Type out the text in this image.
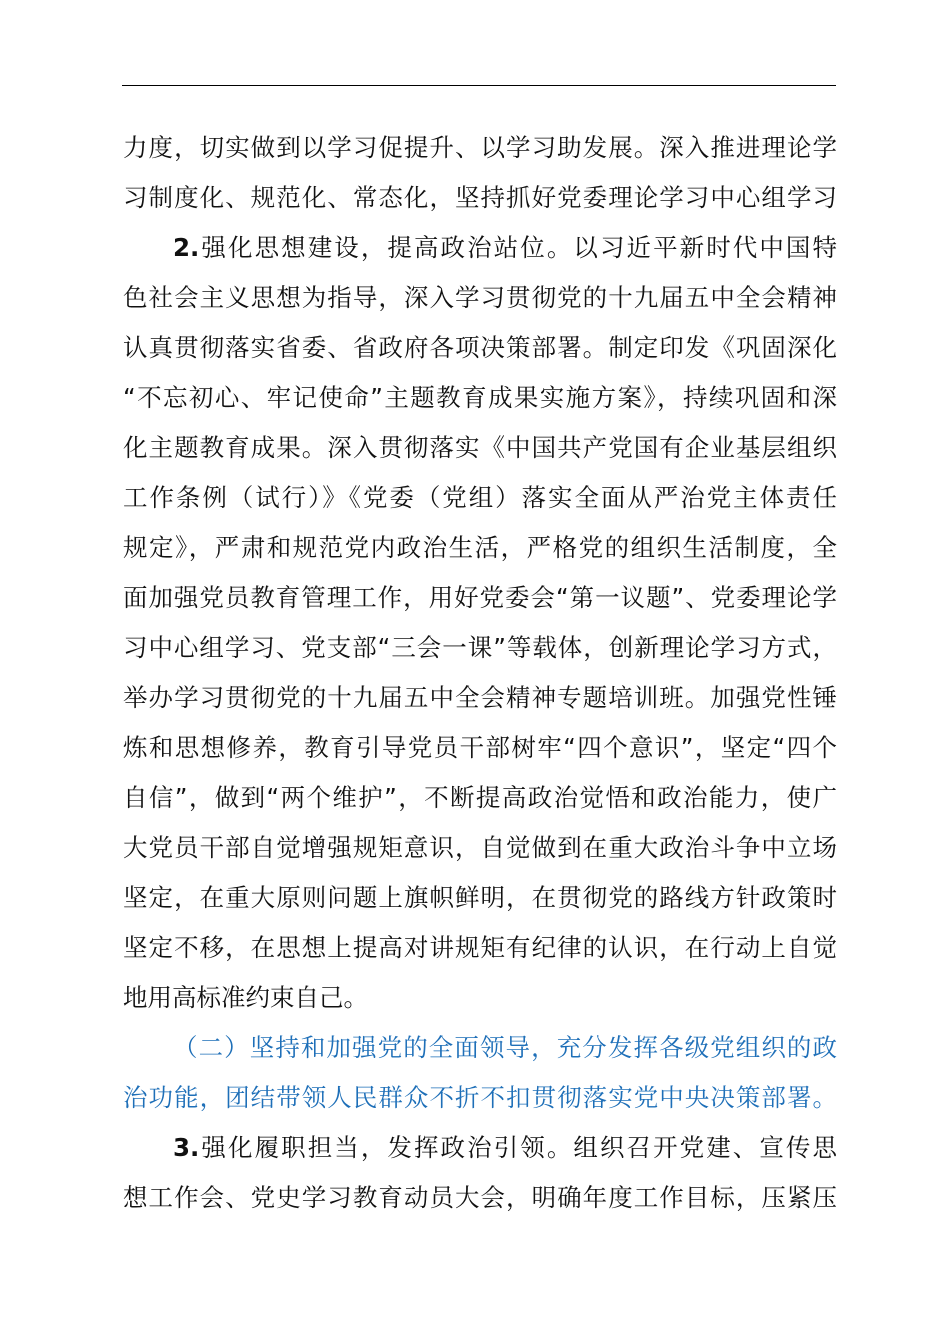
力度，切实做到以学习促提升、以学习助发展。深入推进理论学
习制度化、规范化、常态化，坚持抓好党委理论学习中心组学习
2.强化思想建设，提高政治站位。以习近平新时代中国特
色社会主义思想为指导，深入学习贯彻党的十九届五中全会精神
认真贯彻落实省委、省政府各项决策部署。制定印发《巩固深化
“不忘初心、牢记使命”主题教育成果实施方案》，持续巩固和深
化主题教育成果。深入贯彻落实《中国共产党国有企业基层组织
工作条例（试行）》《党委（党组）落实全面从严治党主体责任
规定》，严肃和规范党内政治生活，严格党的组织生活制度，全
面加强党员教育管理工作，用好党委会“第一议题”、党委理论学
习中心组学习、党支部“三会一课”等载体，创新理论学习方式，
举办学习贯彻党的十九届五中全会精神专题培训班。加强党性锤
炼和思想修养，教育引导党员干部树牢“四个意识”，坚定“四个
自信”，做到“两个维护”，不断提高政治觉悟和政治能力，使广
大党员干部自觉增强规矩意识，自觉做到在重大政治斗争中立场
坚定，在重大原则问题上旗帜鲜明，在贯彻党的路线方针政策时
坚定不移，在思想上提高对讲规矩有纪律的认识，在行动上自觉
地用高标准约束自己。
（二）坚持和加强党的全面领导，充分发挥各级党组织的政
治功能，团结带领人民群众不折不扣贯彻落实党中央决策部署。
3.强化履职担当，发挥政治引领。组织召开党建、宣传思
想工作会、党史学习教育动员大会，明确年度工作目标，压紧压
